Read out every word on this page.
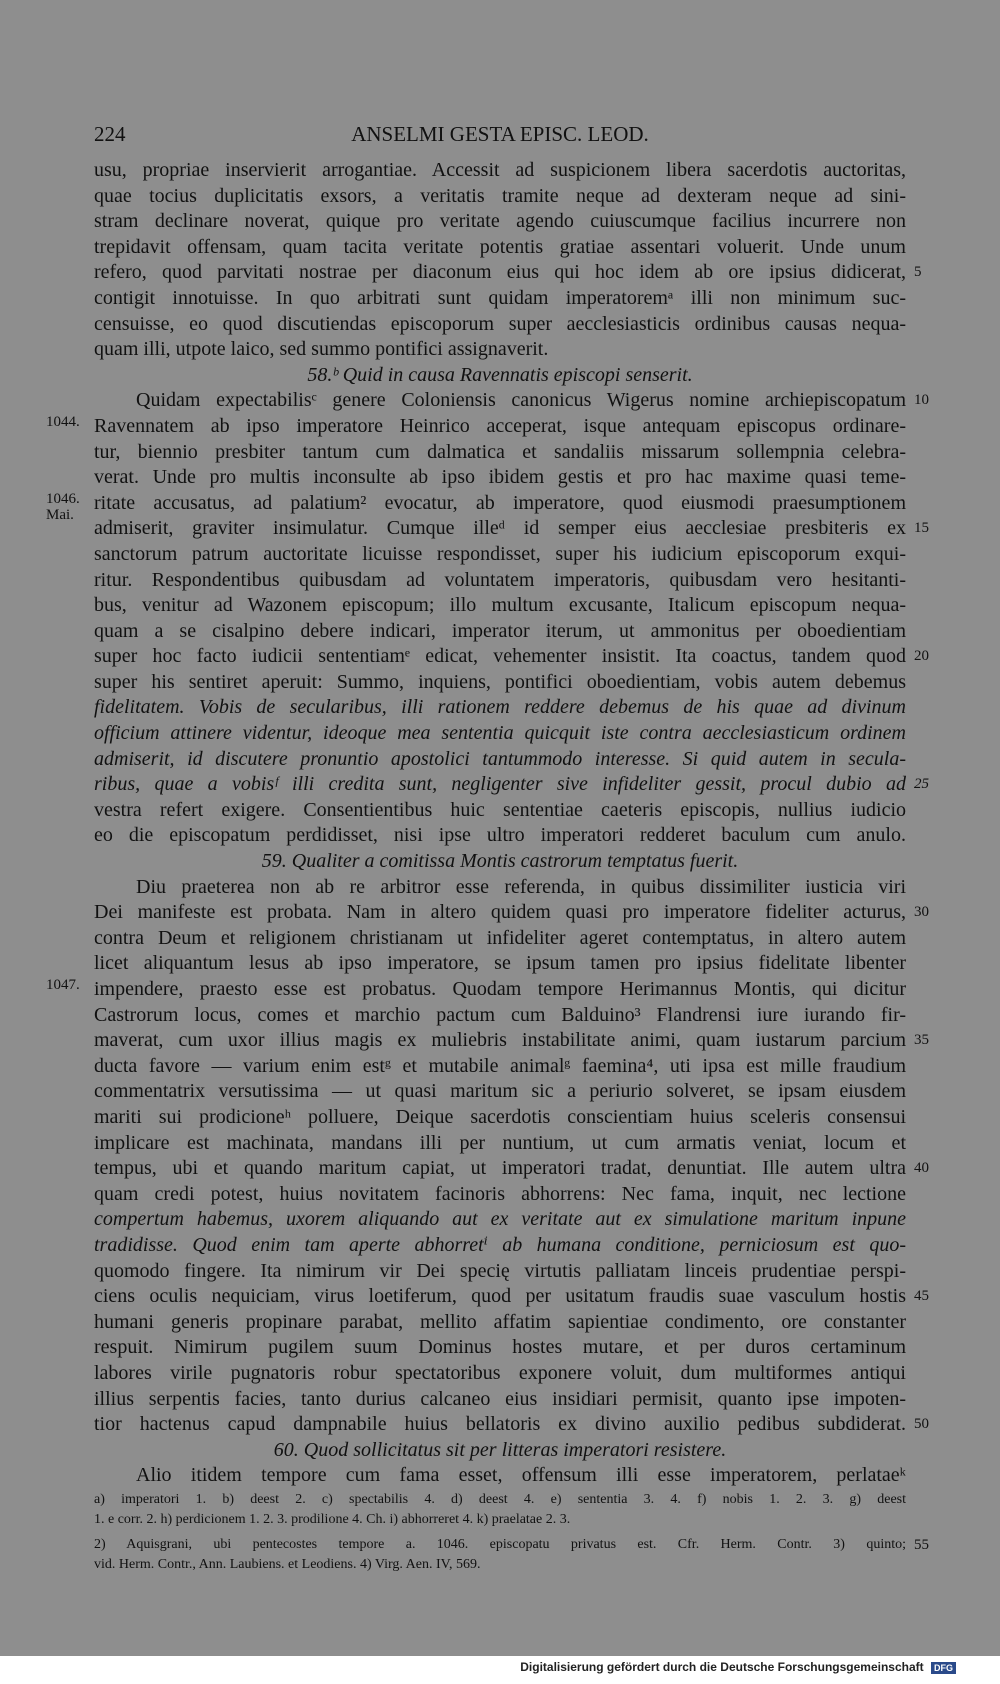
224	ANSELMI GESTA EPISC. LEOD.
usu, propriae inservierit arrogantiae. Accessit ad suspicionem libera sacerdotis auctoritas,
quae tocius duplicitatis exsors, a veritatis tramite neque ad dexteram neque ad sini-
stram declinare noverat, quique pro veritate agendo cuiuscumque facilius incurrere non
trepidavit offensam, quam tacita veritate potentis gratiae assentari voluerit. Unde unum
refero, quod parvitati nostrae per diaconum eius qui hoc idem ab ore ipsius didicerat, 5
contigit innotuisse. In quo arbitrati sunt quidam imperatoremᵃ illi non minimum suc-
censuisse, eo quod discutiendas episcoporum super aecclesiasticis ordinibus causas nequa-
quam illi, utpote laico, sed summo pontifici assignaverit.
58.ᵇ Quid in causa Ravennatis episcopi senserit.
Quidam expectabilisᶜ genere Coloniensis canonicus Wigerus nomine archiepiscopatum 10
Ravennatem ab ipso imperatore Heinrico acceperat, isque antequam episcopus ordinare-
1044.
tur, biennio presbiter tantum cum dalmatica et sandaliis missarum sollempnia celebra-
verat. Unde pro multis inconsulte ab ipso ibidem gestis et pro hac maxime quasi teme-
ritate accusatus, ad palatium² evocatur, ab imperatore, quod eiusmodi praesumptionem
1046.
Mai.
admiserit, graviter insimulatur. Cumque illeᵈ id semper eius aecclesiae presbiteris ex 15
sanctorum patrum auctoritate licuisse respondisset, super his iudicium episcoporum exqui-
ritur. Respondentibus quibusdam ad voluntatem imperatoris, quibusdam vero hesitanti-
bus, venitur ad Wazonem episcopum; illo multum excusante, Italicum episcopum nequa-
quam a se cisalpino debere indicari, imperator iterum, ut ammonitus per oboedientiam
super hoc facto iudicii sententiamᵉ edicat, vehementer insistit. Ita coactus, tandem quod 20
super his sentiret aperuit: Summo, inquiens, pontifici oboedientiam, vobis autem debemus
fidelitatem. Vobis de secularibus, illi rationem reddere debemus de his quae ad divinum
officium attinere videntur, ideoque mea sententia quicquit iste contra aecclesiasticum ordinem
admiserit, id discutere pronuntio apostolici tantummodo interesse. Si quid autem in secula-
ribus, quae a vobisᶠ illi credita sunt, negligenter sive infideliter gessit, procul dubio ad 25
vestra refert exigere. Consentientibus huic sententiae caeteris episcopis, nullius iudicio
eo die episcopatum perdidisset, nisi ipse ultro imperatori redderet baculum cum anulo.
59. Qualiter a comitissa Montis castrorum temptatus fuerit.
Diu praeterea non ab re arbitror esse referenda, in quibus dissimiliter iusticia viri
Dei manifeste est probata. Nam in altero quidem quasi pro imperatore fideliter acturus, 30
contra Deum et religionem christianam ut infideliter ageret contemptatus, in altero autem
licet aliquantum lesus ab ipso imperatore, se ipsum tamen pro ipsius fidelitate libenter
impendere, praesto esse est probatus. Quodam tempore Herimannus Montis, qui dicitur
1047.
Castrorum locus, comes et marchio pactum cum Balduino³ Flandrensi iure iurando fir-
maverat, cum uxor illius magis ex muliebris instabilitate animi, quam iustarum parcium 35
ducta favore — varium enim estᵍ et mutabile animalᵍ faemina⁴, uti ipsa est mille fraudium
commentatrix versutissima — ut quasi maritum sic a periurio solveret, se ipsam eiusdem
mariti sui prodicioneʰ polluere, Deique sacerdotis conscientiam huius sceleris consensui
implicare est machinata, mandans illi per nuntium, ut cum armatis veniat, locum et
tempus, ubi et quando maritum capiat, ut imperatori tradat, denuntiat. Ille autem ultra 40
quam credi potest, huius novitatem facinoris abhorrens: Nec fama, inquit, nec lectione
compertum habemus, uxorem aliquando aut ex veritate aut ex simulatione maritum inpune
tradidisse. Quod enim tam aperte abhorretⁱ ab humana conditione, perniciosum est quo-
quomodo fingere. Ita nimirum vir Dei specię virtutis palliatam linceis prudentiae perspi-
ciens oculis nequiciam, virus loetiferum, quod per usitatum fraudis suae vasculum hostis 45
humani generis propinare parabat, mellito affatim sapientiae condimento, ore constanter
respuit. Nimirum pugilem suum Dominus hostes mutare, et per duros certaminum
labores virile pugnatoris robur spectatoribus exponere voluit, dum multiformes antiqui
illius serpentis facies, tanto durius calcaneo eius insidiari permisit, quanto ipse impoten-
tior hactenus capud dampnabile huius bellatoris ex divino auxilio pedibus subdiderat. 50
60. Quod sollicitatus sit per litteras imperatori resistere.
Alio itidem tempore cum fama esset, offensum illi esse imperatorem, perlataeᵏ
a) imperatori 1. b) deest 2. c) spectabilis 4. d) deest 4. e) sententia 3. 4. f) nobis 1. 2. 3. g) deest
1. e corr. 2. h) perdicionem 1. 2. 3. prodilione 4. Ch. i) abhorreret 4. k) praelatae 2. 3.
2) Aquisgrani, ubi pentecostes tempore a. 1046. episcopatu privatus est. Cfr. Herm. Contr. 3) quinto; 55
vid. Herm. Contr., Ann. Laubiens. et Leodiens. 4) Virg. Aen. IV, 569.
Digitalisierung gefördert durch die Deutsche Forschungsgemeinschaft DFG
